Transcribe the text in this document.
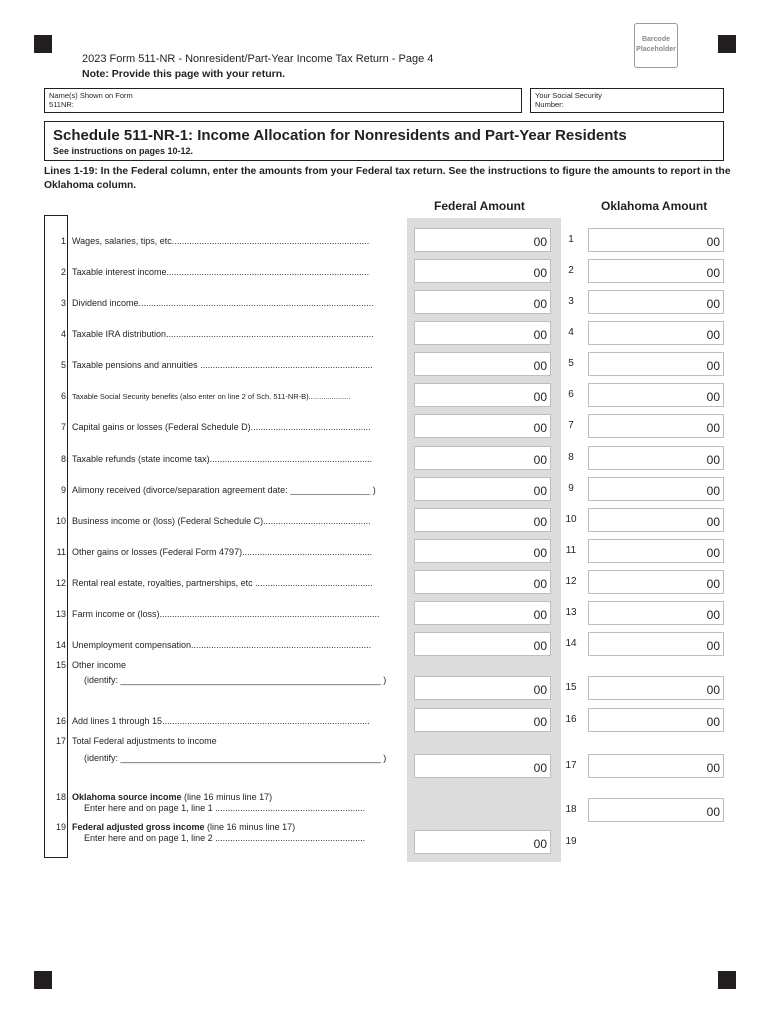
Barcode Placeholder
2023 Form 511-NR - Nonresident/Part-Year Income Tax Return - Page 4
Note: Provide this page with your return.
Name(s) Shown on Form 511NR:
Your Social Security Number:
Schedule 511-NR-1: Income Allocation for Nonresidents and Part-Year Residents
See instructions on pages 10-12.
Lines 1-19: In the Federal column, enter the amounts from your Federal tax return. See the instructions to figure the amounts to report in the Oklahoma column.
Federal Amount	Oklahoma Amount
1 Wages, salaries, tips, etc...............................................................................	00	1	00
2 Taxable interest income.................................................................................	00	2	00
3 Dividend income..............................................................................................	00	3	00
4 Taxable IRA distribution...................................................................................	00	4	00
5 Taxable pensions and annuities .....................................................................	00	5	00
6 Taxable Social Security benefits (also enter on line 2 of Sch. 511-NR-B)....................	00	6	00
7 Capital gains or losses (Federal Schedule D)................................................	00	7	00
8 Taxable refunds (state income tax).................................................................	00	8	00
9 Alimony received (divorce/separation agreement date: ________________ )	00	9	00
10 Business income or (loss) (Federal Schedule C)...........................................	00	10	00
11 Other gains or losses (Federal Form 4797)....................................................	00	11	00
12 Rental real estate, royalties, partnerships, etc ...............................................	00	12	00
13 Farm income or (loss)........................................................................................	00	13	00
14 Unemployment compensation........................................................................	00	14	00
15 Other income
(identify: ____________________________________________________ )
00	15	00
16 Add lines 1 through 15...................................................................................	00	16	00
17 Total Federal adjustments to income
(identify: ____________________________________________________ )
00	17	00
18 Oklahoma source income (line 16 minus line 17)
Enter here and on page 1, line 1 ............................................................	18	00
19 Federal adjusted gross income (line 16 minus line 17)
Enter here and on page 1, line 2 ............................................................	00	19
